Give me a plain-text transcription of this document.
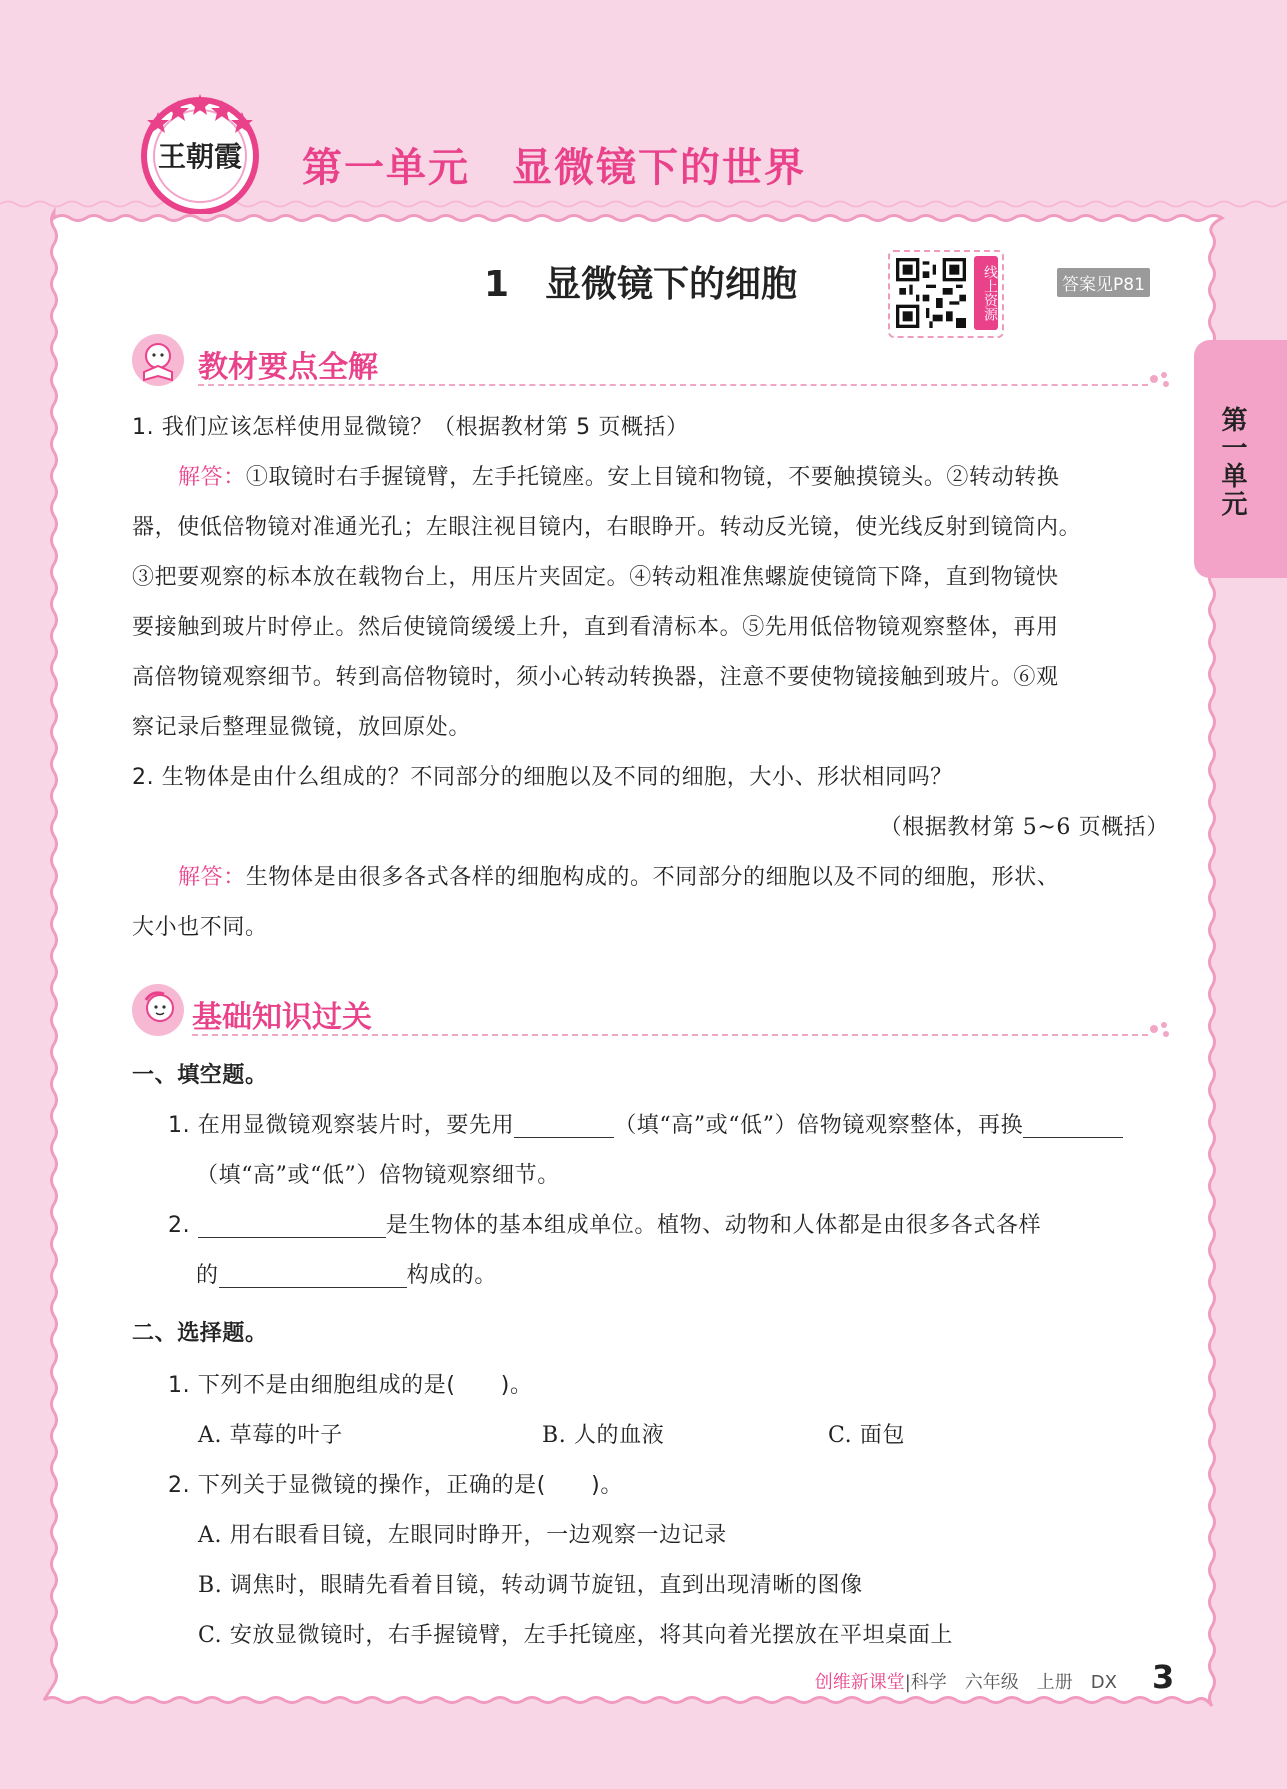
王朝霞 第一单元　显微镜下的世界
1　显微镜下的细胞	线上资源	答案见P81
第一单元
教材要点全解
1. 我们应该怎样使用显微镜？（根据教材第 5 页概括）
解答：①取镜时右手握镜臂，左手托镜座。安上目镜和物镜，不要触摸镜头。②转动转换
器，使低倍物镜对准通光孔；左眼注视目镜内，右眼睁开。转动反光镜，使光线反射到镜筒内。
③把要观察的标本放在载物台上，用压片夹固定。④转动粗准焦螺旋使镜筒下降，直到物镜快
要接触到玻片时停止。然后使镜筒缓缓上升，直到看清标本。⑤先用低倍物镜观察整体，再用
高倍物镜观察细节。转到高倍物镜时，须小心转动转换器，注意不要使物镜接触到玻片。⑥观
察记录后整理显微镜，放回原处。
2. 生物体是由什么组成的？不同部分的细胞以及不同的细胞，大小、形状相同吗？
（根据教材第 5~6 页概括）
解答：生物体是由很多各式各样的细胞构成的。不同部分的细胞以及不同的细胞，形状、
大小也不同。
基础知识过关
一、填空题。
1. 在用显微镜观察装片时，要先用	（填“高”或“低”）倍物镜观察整体，再换
（填“高”或“低”）倍物镜观察细节。
2.	是生物体的基本组成单位。植物、动物和人体都是由很多各式各样
的	构成的。
二、选择题。
1. 下列不是由细胞组成的是(　　)。
A. 草莓的叶子	B. 人的血液	C. 面包
2. 下列关于显微镜的操作，正确的是(　　)。
A. 用右眼看目镜，左眼同时睁开，一边观察一边记录
B. 调焦时，眼睛先看着目镜，转动调节旋钮，直到出现清晰的图像
C. 安放显微镜时，右手握镜臂，左手托镜座，将其向着光摆放在平坦桌面上
创维新课堂|科学　六年级　上册　DX 3
